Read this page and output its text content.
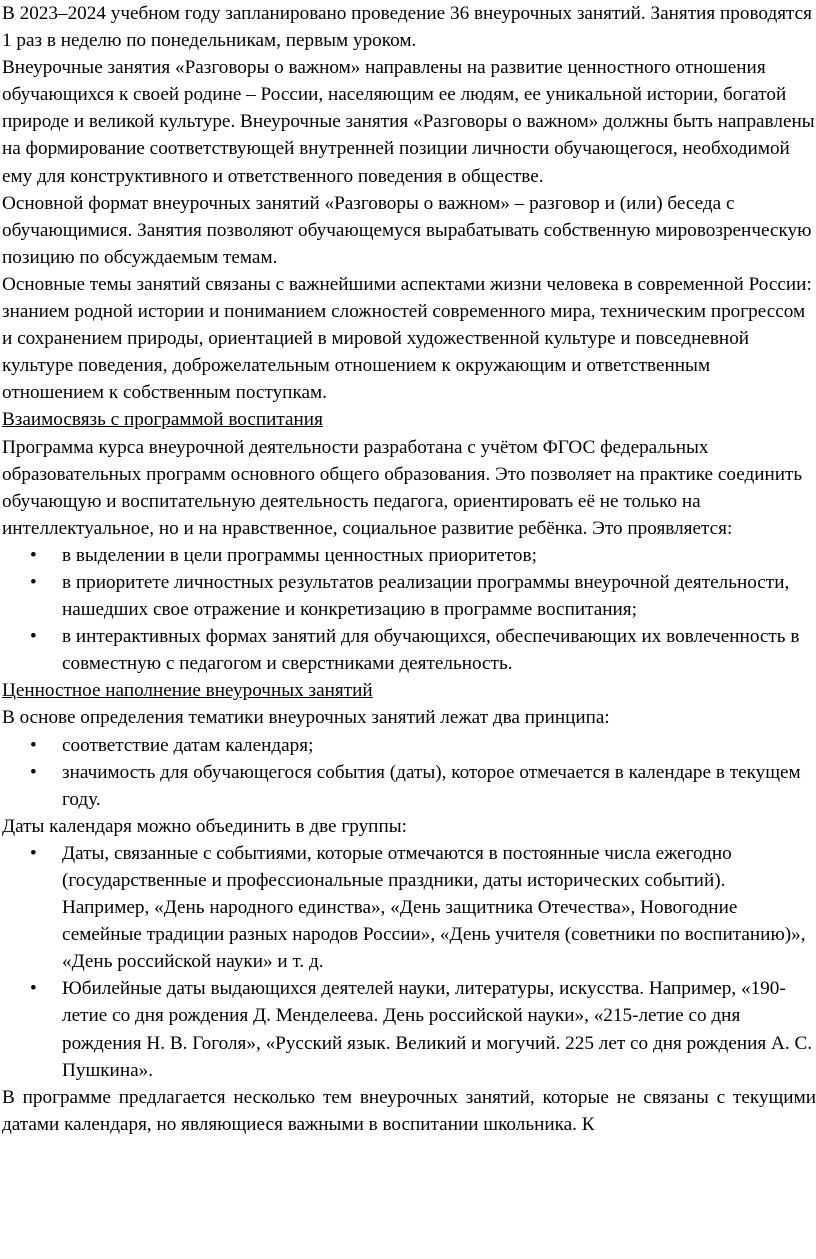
В 2023–2024 учебном году запланировано проведение 36 внеурочных занятий. Занятия проводятся 1 раз в неделю по понедельникам, первым уроком.

Внеурочные занятия «Разговоры о важном» направлены на развитие ценностного отношения обучающихся к своей родине – России, населяющим ее людям, ее уникальной истории, богатой природе и великой культуре. Внеурочные занятия «Разговоры о важном» должны быть направлены на формирование соответствующей внутренней позиции личности обучающегося, необходимой ему для конструктивного и ответственного поведения в обществе.

Основной формат внеурочных занятий «Разговоры о важном» – разговор и (или) беседа с обучающимися. Занятия позволяют обучающемуся вырабатывать собственную мировозренческую позицию по обсуждаемым темам.

Основные темы занятий связаны с важнейшими аспектами жизни человека в современной России: знанием родной истории и пониманием сложностей современного мира, техническим прогрессом и сохранением природы, ориентацией в мировой художественной культуре и повседневной культуре поведения, доброжелательным отношением к окружающим и ответственным отношением к собственным поступкам.

Взаимосвязь с программой воспитания

Программа курса внеурочной деятельности разработана с учётом ФГОС федеральных образовательных программ основного общего образования. Это позволяет на практике соединить обучающую и воспитательную деятельность педагога, ориентировать её не только на интеллектуальное, но и на нравственное, социальное развитие ребёнка. Это проявляется:

• в выделении в цели программы ценностных приоритетов;
• в приоритете личностных результатов реализации программы внеурочной деятельности, нашедших свое отражение и конкретизацию в программе воспитания;
• в интерактивных формах занятий для обучающихся, обеспечивающих их вовлеченность в совместную с педагогом и сверстниками деятельность.

Ценностное наполнение внеурочных занятий

В основе определения тематики внеурочных занятий лежат два принципа:

• соответствие датам календаря;
• значимость для обучающегося события (даты), которое отмечается в календаре в текущем году.

Даты календаря можно объединить в две группы:

• Даты, связанные с событиями, которые отмечаются в постоянные числа ежегодно (государственные и профессиональные праздники, даты исторических событий). Например, «День народного единства», «День защитника Отечества», Новогодние семейные традиции разных народов России», «День учителя (советники по воспитанию)», «День российской науки» и т. д.
• Юбилейные даты выдающихся деятелей науки, литературы, искусства. Например, «190-летие со дня рождения Д. Менделеева. День российской науки», «215-летие со дня рождения Н. В. Гоголя», «Русский язык. Великий и могучий. 225 лет со дня рождения А. С. Пушкина».

В программе предлагается несколько тем внеурочных занятий, которые не связаны с текущими датами календаря, но являющиеся важными в воспитании школьника. К
